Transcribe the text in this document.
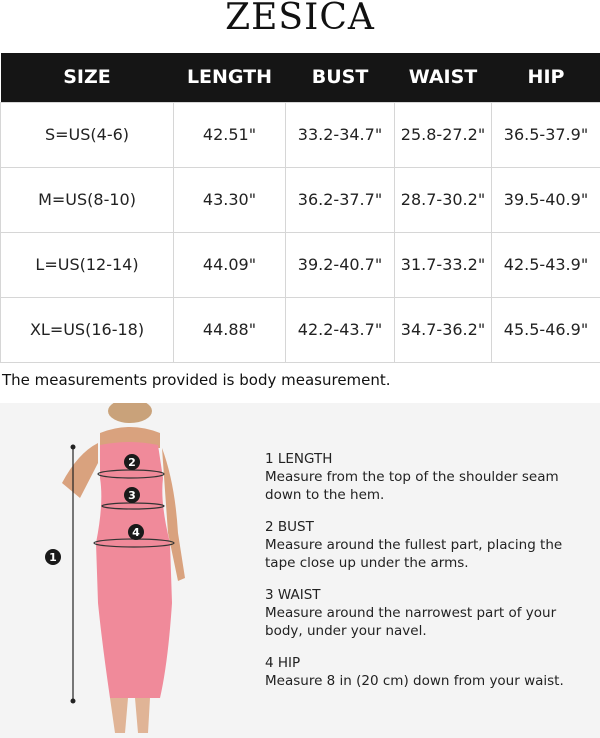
ZESICA
SIZE	LENGTH	BUST	WAIST	HIP
S=US(4-6)	42.51"	33.2-34.7"	25.8-27.2"	36.5-37.9"
M=US(8-10)	43.30"	36.2-37.7"	28.7-30.2"	39.5-40.9"
L=US(12-14)	44.09"	39.2-40.7"	31.7-33.2"	42.5-43.9"
XL=US(16-18)	44.88"	42.2-43.7"	34.7-36.2"	45.5-46.9"
The measurements provided is body measurement.
1
2
3
4
1 LENGTH
Measure from the top of the shoulder seam down to the hem.
2 BUST
Measure around the fullest part, placing the tape close up under the arms.
3 WAIST
Measure around the narrowest part of your body, under your navel.
4 HIP
Measure 8 in (20 cm) down from your waist.
